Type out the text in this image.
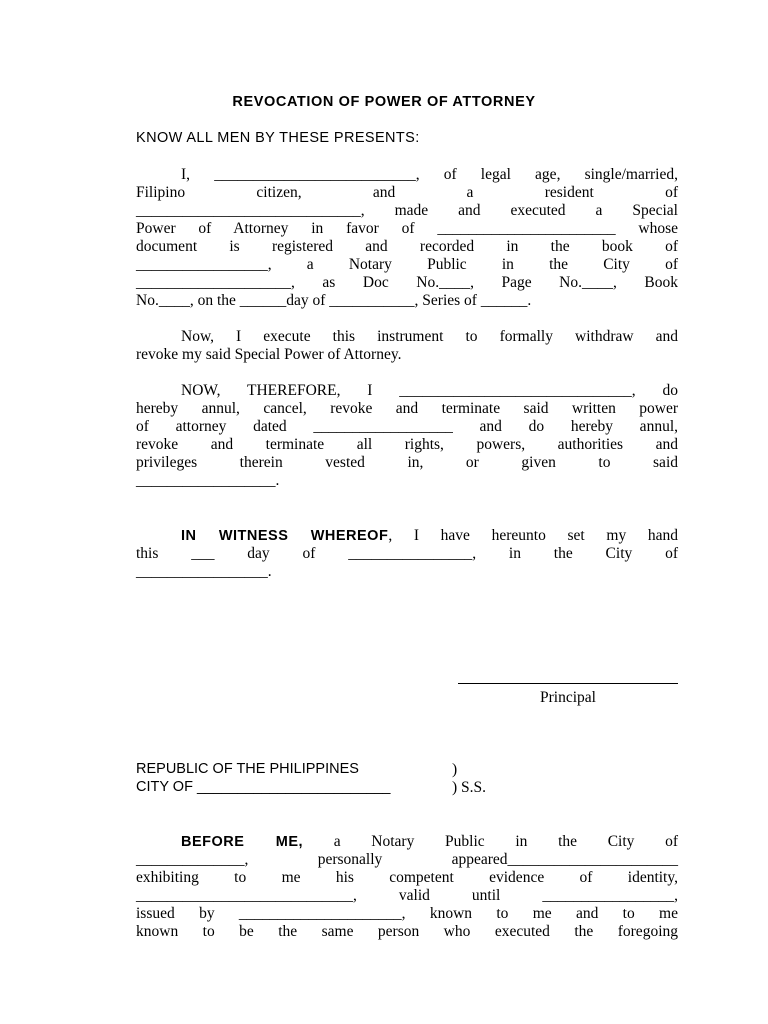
REVOCATION OF POWER OF ATTORNEY

KNOW ALL MEN BY THESE PRESENTS:

I, __________________________, of legal age, single/married,
Filipino citizen, and a resident of
_____________________________, made and executed a Special
Power of Attorney in favor of _______________________ whose
document is registered and recorded in the book of
_________________, a Notary Public in the City of
____________________, as Doc No.____, Page No.____, Book
No.____, on the ______day of ___________, Series of ______.
Now, I execute this instrument to formally withdraw and
revoke my said Special Power of Attorney.
NOW, THEREFORE, I ______________________________, do
hereby annul, cancel, revoke and terminate said written power
of attorney dated __________________ and do hereby annul,
revoke and terminate all rights, powers, authorities and
privileges therein vested in, or given to said
__________________.
IN WITNESS WHEREOF, I have hereunto set my hand
this ___ day of ________________, in the City of
_________________.

Principal

REPUBLIC OF THE PHILIPPINES	)

CITY OF ________________________	) S.S.

BEFORE ME, a Notary Public in the City of
______________, personally appeared______________________
exhibiting to me his competent evidence of identity,
____________________________, valid until _________________,
issued by _____________________, known to me and to me
known to be the same person who executed the foregoing
